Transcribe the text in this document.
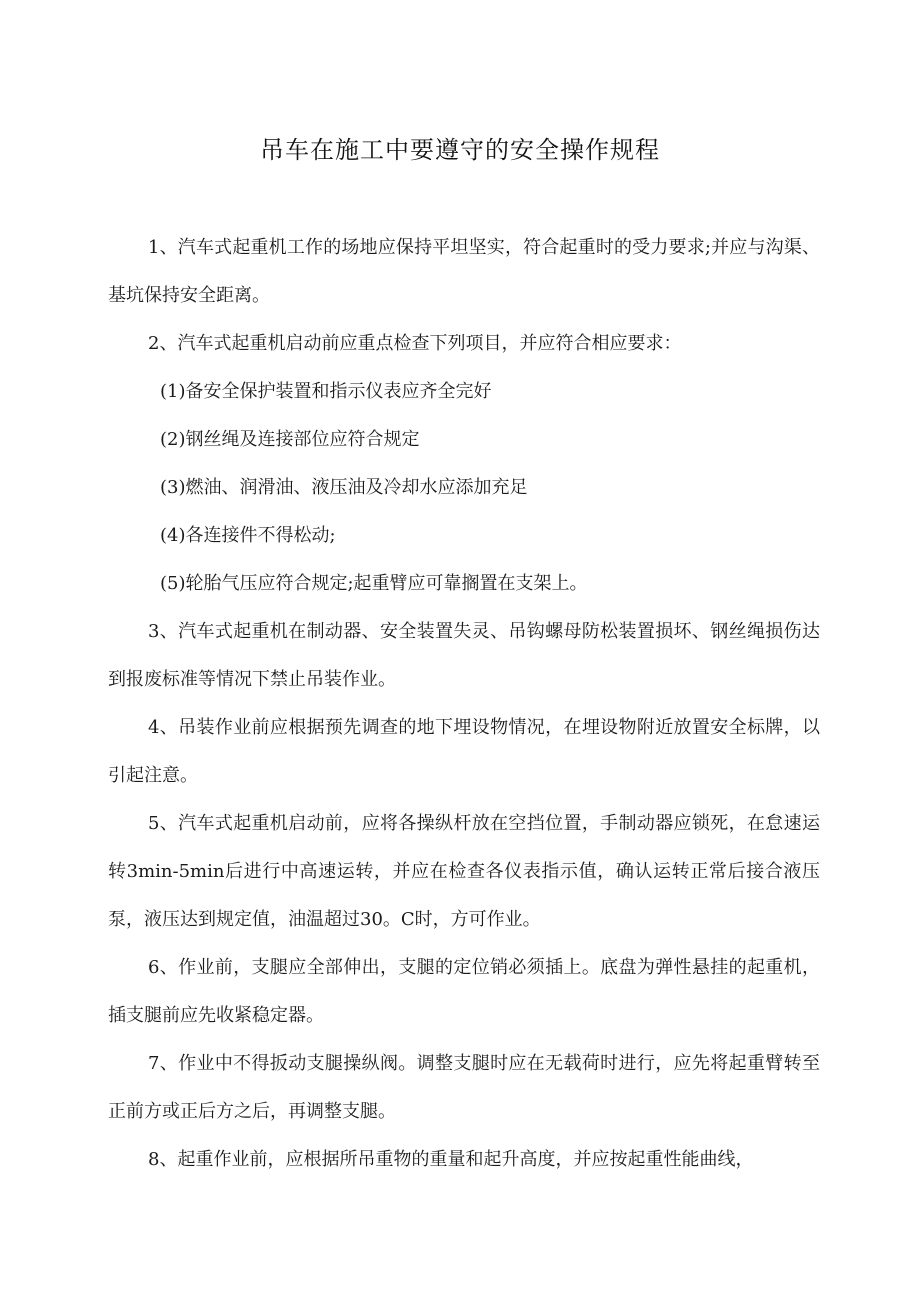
吊车在施工中要遵守的安全操作规程

1、汽车式起重机工作的场地应保持平坦坚实，符合起重时的受力要求;并应与沟渠、基坑保持安全距离。

2、汽车式起重机启动前应重点检查下列项目，并应符合相应要求：

(1)备安全保护装置和指示仪表应齐全完好

(2)钢丝绳及连接部位应符合规定

(3)燃油、润滑油、液压油及冷却水应添加充足

(4)各连接件不得松动;

(5)轮胎气压应符合规定;起重臂应可靠搁置在支架上。

3、汽车式起重机在制动器、安全装置失灵、吊钩螺母防松装置损坏、钢丝绳损伤达到报废标准等情况下禁止吊装作业。

4、吊装作业前应根据预先调查的地下埋设物情况，在埋设物附近放置安全标牌，以引起注意。

5、汽车式起重机启动前，应将各操纵杆放在空挡位置，手制动器应锁死，在怠速运转3min-5min后进行中高速运转，并应在检查各仪表指示值，确认运转正常后接合液压泵，液压达到规定值，油温超过30。C时，方可作业。

6、作业前，支腿应全部伸出，支腿的定位销必须插上。底盘为弹性悬挂的起重机，插支腿前应先收紧稳定器。

7、作业中不得扳动支腿操纵阀。调整支腿时应在无载荷时进行，应先将起重臂转至正前方或正后方之后，再调整支腿。

8、起重作业前，应根据所吊重物的重量和起升高度，并应按起重性能曲线，
